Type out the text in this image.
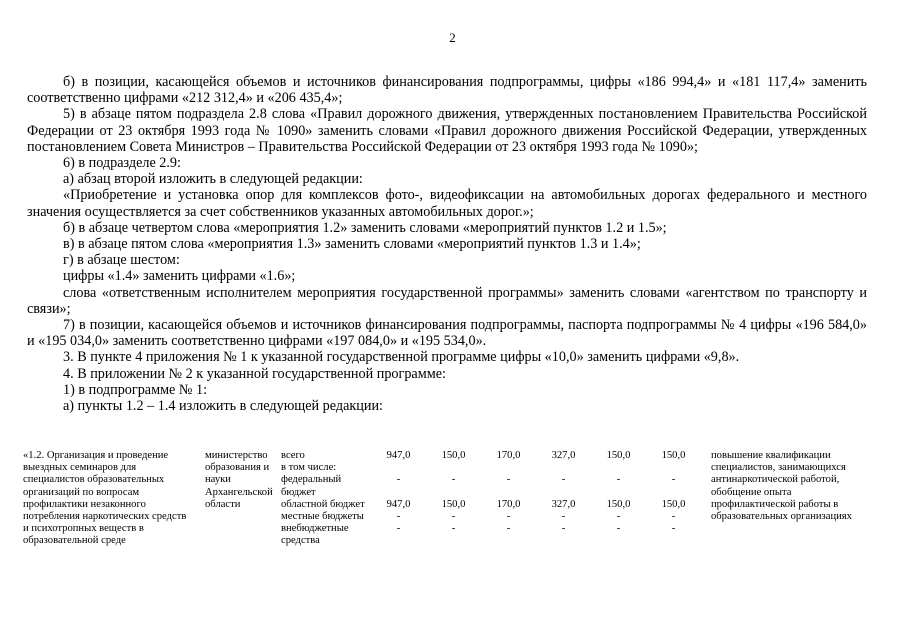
2

б) в позиции, касающейся объемов и источников финансирования подпрограммы, цифры «186 994,4» и «181 117,4» заменить соответственно цифрами «212 312,4» и «206 435,4»;

5) в абзаце пятом подраздела 2.8 слова «Правил дорожного движения, утвержденных постановлением Правительства Российской Федерации от 23 октября 1993 года № 1090» заменить словами «Правил дорожного движения Российской Федерации, утвержденных постановлением Совета Министров – Правительства Российской Федерации от 23 октября 1993 года № 1090»;

6) в подразделе 2.9:

а) абзац второй изложить в следующей редакции:

«Приобретение и установка опор для комплексов фото-, видеофиксации на автомобильных дорогах федерального и местного значения осуществляется за счет собственников указанных автомобильных дорог.»;

б) в абзаце четвертом слова «мероприятия 1.2» заменить словами «мероприятий пунктов 1.2 и 1.5»;

в) в абзаце пятом слова «мероприятия 1.3» заменить словами «мероприятий пунктов 1.3 и 1.4»;

г) в абзаце шестом:

цифры «1.4» заменить цифрами «1.6»;

слова «ответственным исполнителем мероприятия государственной программы» заменить словами «агентством по транспорту и связи»;

7) в позиции, касающейся объемов и источников финансирования подпрограммы, паспорта подпрограммы № 4 цифры «196 584,0» и «195 034,0» заменить соответственно цифрами «197 084,0» и «195 534,0».

3. В пункте 4 приложения № 1 к указанной государственной программе цифры «10,0» заменить цифрами «9,8».

4. В приложении № 2 к указанной государственной программе:

1) в подпрограмме № 1:

а) пункты 1.2 – 1.4 изложить в следующей редакции:

«1.2. Организация и проведение выездных семинаров для специалистов образовательных организаций по вопросам профилактики незаконного потребления наркотических средств и психотропных веществ в образовательной среде	министерство образования и науки Архангельской области	всего	947,0	150,0	170,0	327,0	150,0	150,0	повышение квалификации специалистов, занимающихся антинаркотической работой, обобщение опыта профилактической работы в образовательных организациях
		в том числе:							
		федеральный бюджет	-	-	-	-	-	-	
		областной бюджет	947,0	150,0	170,0	327,0	150,0	150,0	
		местные бюджеты	-	-	-	-	-	-	
		внебюджетные средства	-	-	-	-	-	-	
